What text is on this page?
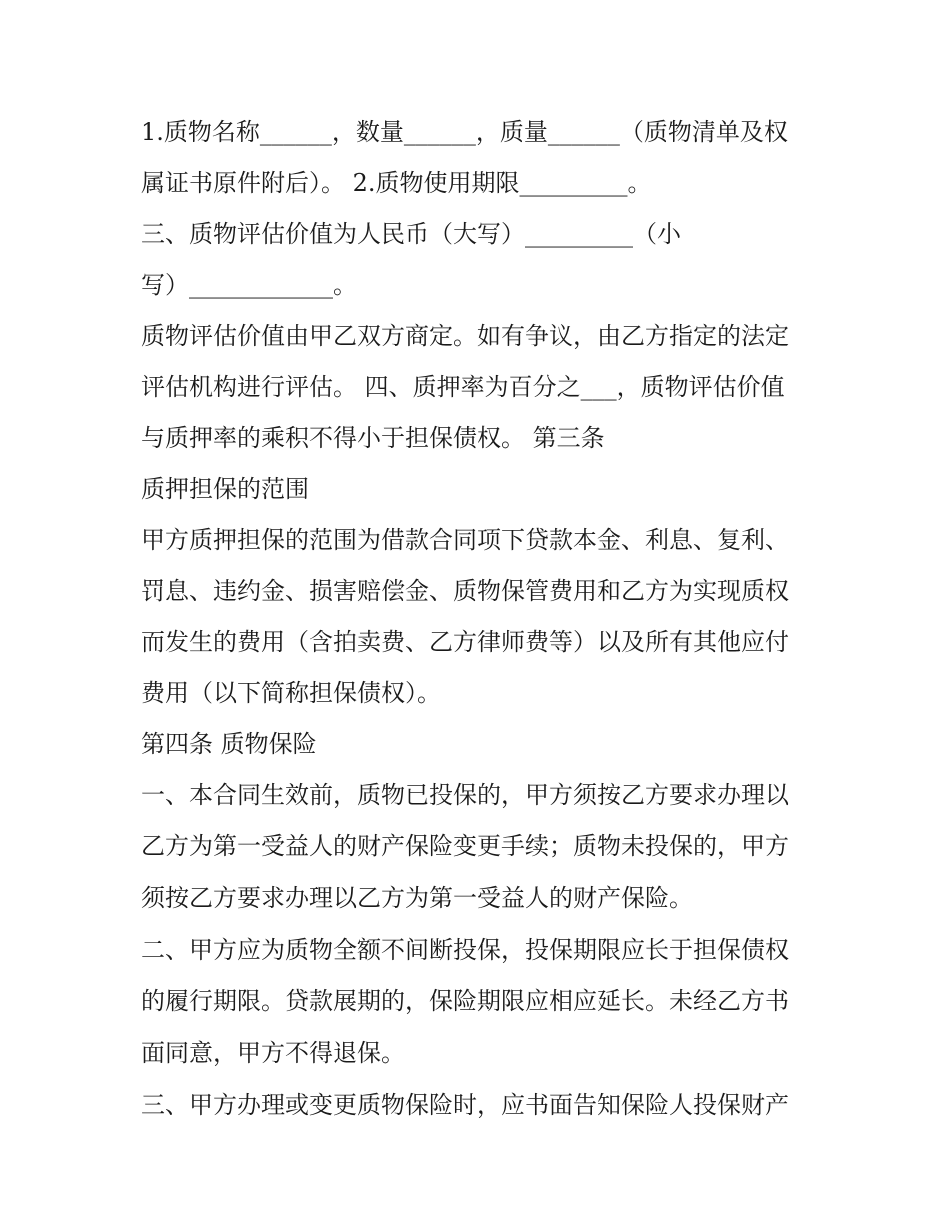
1.质物名称______，数量______，质量______（质物清单及权
属证书原件附后）。 2.质物使用期限_________。
三、质物评估价值为人民币（大写）_________（小
写）____________。
质物评估价值由甲乙双方商定。如有争议，由乙方指定的法定
评估机构进行评估。 四、质押率为百分之___，质物评估价值
与质押率的乘积不得小于担保债权。 第三条
质押担保的范围
甲方质押担保的范围为借款合同项下贷款本金、利息、复利、
罚息、违约金、损害赔偿金、质物保管费用和乙方为实现质权
而发生的费用（含拍卖费、乙方律师费等）以及所有其他应付
费用（以下简称担保债权）。
第四条 质物保险
一、本合同生效前，质物已投保的，甲方须按乙方要求办理以
乙方为第一受益人的财产保险变更手续；质物未投保的，甲方
须按乙方要求办理以乙方为第一受益人的财产保险。
二、甲方应为质物全额不间断投保，投保期限应长于担保债权
的履行期限。贷款展期的，保险期限应相应延长。未经乙方书
面同意，甲方不得退保。
三、甲方办理或变更质物保险时，应书面告知保险人投保财产
